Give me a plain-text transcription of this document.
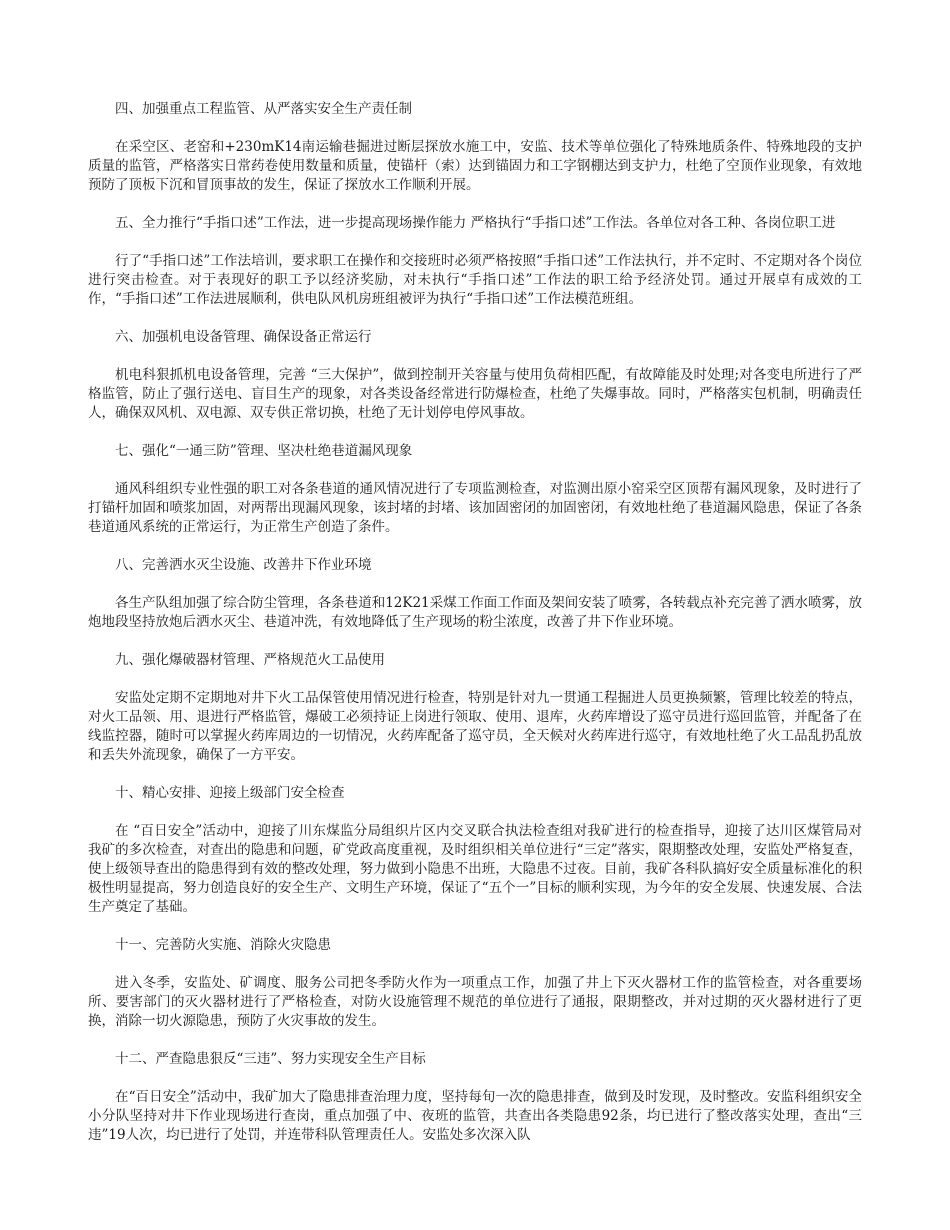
四、加强重点工程监管、从严落实安全生产责任制

在采空区、老窑和+230mK14南运输巷掘进过断层探放水施工中，安监、技术等单位强化了特殊地质条件、特殊地段的支护质量的监管，严格落实日常药卷使用数量和质量，使锚杆（索）达到锚固力和工字钢棚达到支护力，杜绝了空顶作业现象，有效地预防了顶板下沉和冒顶事故的发生，保证了探放水工作顺利开展。

五、全力推行“手指口述”工作法，进一步提高现场操作能力 严格执行“手指口述”工作法。各单位对各工种、各岗位职工进

行了“手指口述”工作法培训，要求职工在操作和交接班时必须严格按照“手指口述”工作法执行，并不定时、不定期对各个岗位进行突击检查。对于表现好的职工予以经济奖励，对未执行“手指口述”工作法的职工给予经济处罚。通过开展卓有成效的工作，“手指口述”工作法进展顺利，供电队风机房班组被评为执行“手指口述”工作法模范班组。

六、加强机电设备管理、确保设备正常运行

机电科狠抓机电设备管理，完善 “三大保护”，做到控制开关容量与使用负荷相匹配，有故障能及时处理;对各变电所进行了严格监管，防止了强行送电、盲目生产的现象，对各类设备经常进行防爆检查，杜绝了失爆事故。同时，严格落实包机制，明确责任人，确保双风机、双电源、双专供正常切换，杜绝了无计划停电停风事故。

七、强化“一通三防”管理、坚决杜绝巷道漏风现象

通风科组织专业性强的职工对各条巷道的通风情况进行了专项监测检查，对监测出原小窑采空区顶帮有漏风现象，及时进行了打锚杆加固和喷浆加固，对两帮出现漏风现象，该封堵的封堵、该加固密闭的加固密闭，有效地杜绝了巷道漏风隐患，保证了各条巷道通风系统的正常运行，为正常生产创造了条件。

八、完善洒水灭尘设施、改善井下作业环境

各生产队组加强了综合防尘管理，各条巷道和12K21采煤工作面工作面及架间安装了喷雾，各转载点补充完善了洒水喷雾，放炮地段坚持放炮后洒水灭尘、巷道冲洗，有效地降低了生产现场的粉尘浓度，改善了井下作业环境。

九、强化爆破器材管理、严格规范火工品使用

安监处定期不定期地对井下火工品保管使用情况进行检查，特别是针对九一贯通工程掘进人员更换频繁，管理比较差的特点，对火工品领、用、退进行严格监管，爆破工必须持证上岗进行领取、使用、退库，火药库增设了巡守员进行巡回监管，并配备了在线监控器，随时可以掌握火药库周边的一切情况，火药库配备了巡守员，全天候对火药库进行巡守，有效地杜绝了火工品乱扔乱放和丢失外流现象，确保了一方平安。

十、精心安排、迎接上级部门安全检查

在 “百日安全”活动中，迎接了川东煤监分局组织片区内交叉联合执法检查组对我矿进行的检查指导，迎接了达川区煤管局对我矿的多次检查，对查出的隐患和问题，矿党政高度重视，及时组织相关单位进行“三定”落实，限期整改处理，安监处严格复查，使上级领导查出的隐患得到有效的整改处理，努力做到小隐患不出班，大隐患不过夜。目前，我矿各科队搞好安全质量标准化的积极性明显提高，努力创造良好的安全生产、文明生产环境，保证了“五个一”目标的顺利实现，为今年的安全发展、快速发展、合法生产奠定了基础。

十一、完善防火实施、消除火灾隐患

进入冬季，安监处、矿调度、服务公司把冬季防火作为一项重点工作，加强了井上下灭火器材工作的监管检查，对各重要场所、要害部门的灭火器材进行了严格检查，对防火设施管理不规范的单位进行了通报，限期整改，并对过期的灭火器材进行了更换，消除一切火源隐患，预防了火灾事故的发生。

十二、严查隐患狠反“三违”、努力实现安全生产目标

在“百日安全”活动中，我矿加大了隐患排查治理力度，坚持每旬一次的隐患排查，做到及时发现，及时整改。安监科组织安全小分队坚持对井下作业现场进行查岗，重点加强了中、夜班的监管，共查出各类隐患92条，均已进行了整改落实处理，查出“三违”19人次，均已进行了处罚，并连带科队管理责任人。安监处多次深入队
